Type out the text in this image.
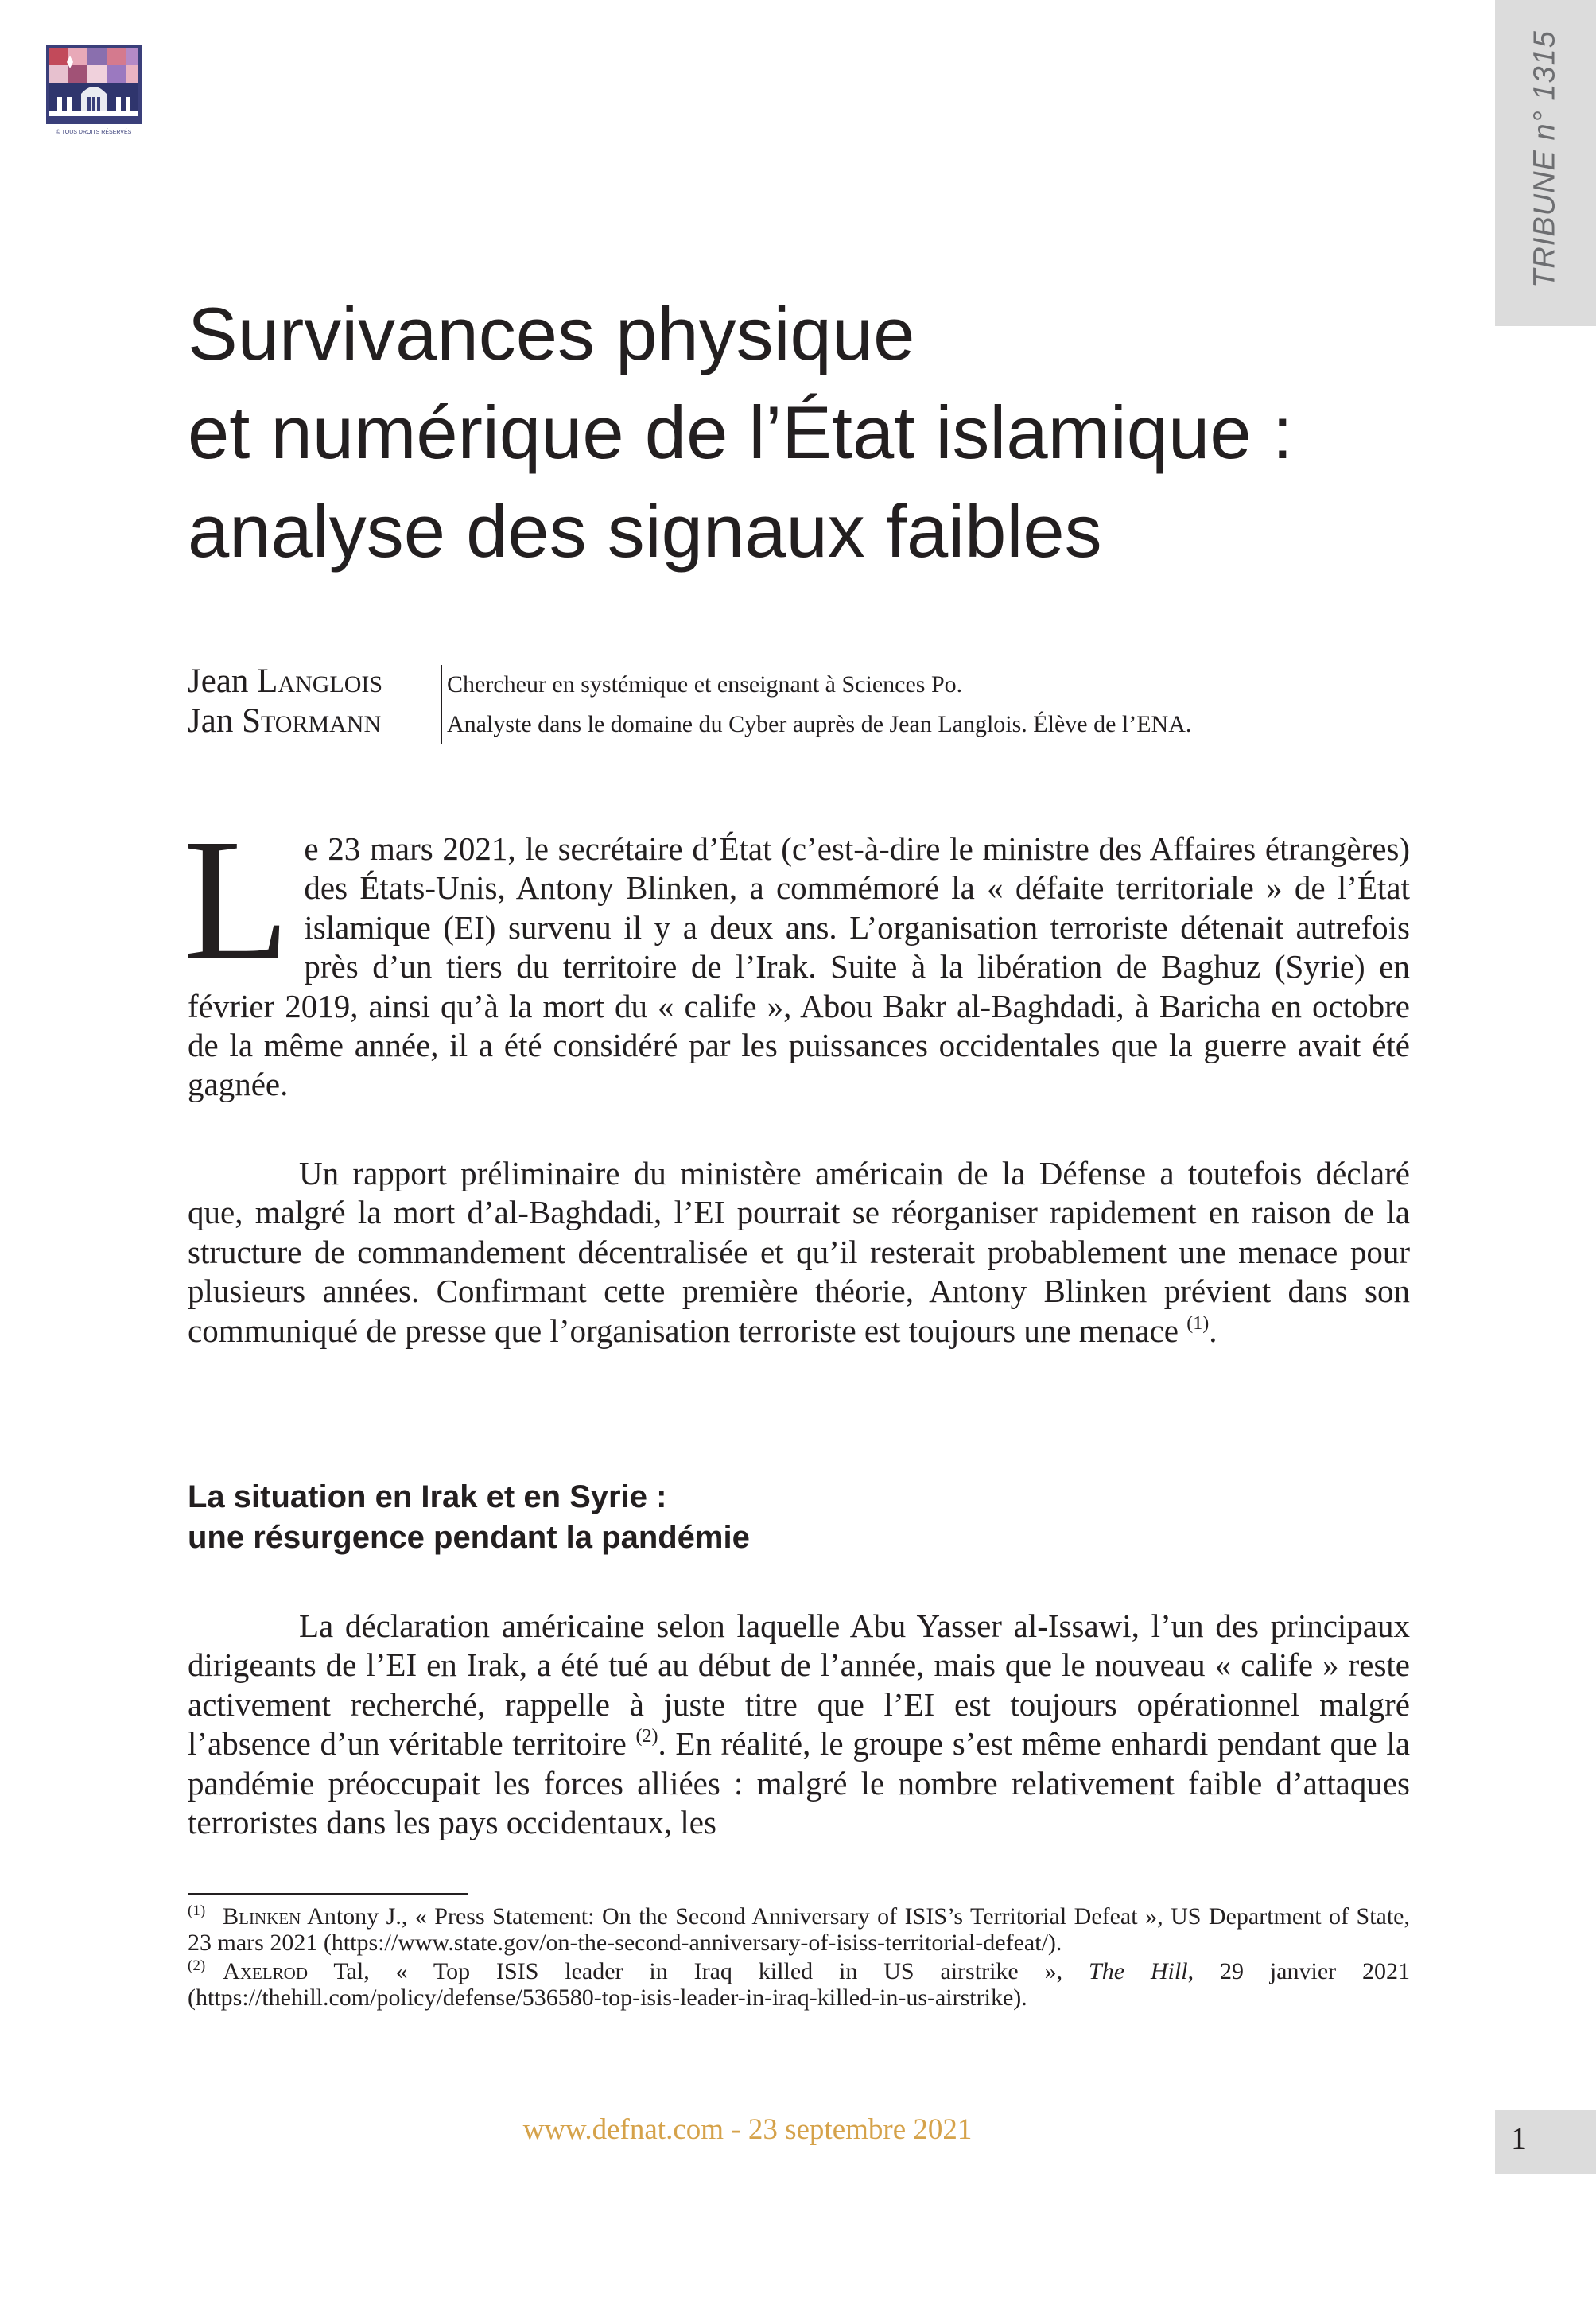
© TOUS DROITS RÉSERVÉS	TRIBUNE n° 1315
Survivances physique
et numérique de l’État islamique :
analyse des signaux faibles
Jean Langlois	Chercheur en systémique et enseignant à Sciences Po.
Jan Stormann	Analyste dans le domaine du Cyber auprès de Jean Langlois. Élève de l’ENA.

Le 23 mars 2021, le secrétaire d’État (c’est-à-dire le ministre des Affaires étrangères) des États-Unis, Antony Blinken, a commémoré la « défaite territoriale » de l’État islamique (EI) survenu il y a deux ans. L’organisation terroriste détenait autrefois près d’un tiers du territoire de l’Irak. Suite à la libération de Baghuz (Syrie) en février 2019, ainsi qu’à la mort du « calife », Abou Bakr al-Baghdadi, à Baricha en octobre de la même année, il a été considéré par les puissances occidentales que la guerre avait été gagnée.

Un rapport préliminaire du ministère américain de la Défense a toutefois déclaré que, malgré la mort d’al-Baghdadi, l’EI pourrait se réorganiser rapidement en raison de la structure de commandement décentralisée et qu’il resterait probablement une menace pour plusieurs années. Confirmant cette première théorie, Antony Blinken prévient dans son communiqué de presse que l’organisation terroriste est toujours une menace $^{(1)}$.

La situation en Irak et en Syrie :
une résurgence pendant la pandémie

La déclaration américaine selon laquelle Abu Yasser al-Issawi, l’un des principaux dirigeants de l’EI en Irak, a été tué au début de l’année, mais que le nouveau « calife » reste activement recherché, rappelle à juste titre que l’EI est toujours opérationnel malgré l’absence d’un véritable territoire $^{(2)}$. En réalité, le groupe s’est même enhardi pendant que la pandémie préoccupait les forces alliées : malgré le nombre relativement faible d’attaques terroristes dans les pays occidentaux, les

$^{(1)}$ Blinken Antony J., « Press Statement: On the Second Anniversary of ISIS’s Territorial Defeat », US Department of State, 23 mars 2021 (https://www.state.gov/on-the-second-anniversary-of-isiss-territorial-defeat/).

$^{(2)}$ Axelrod Tal, « Top ISIS leader in Iraq killed in US airstrike », The Hill, 29 janvier 2021 (https://thehill.com/policy/defense/536580-top-isis-leader-in-iraq-killed-in-us-airstrike).

www.defnat.com - 23 septembre 2021	1
